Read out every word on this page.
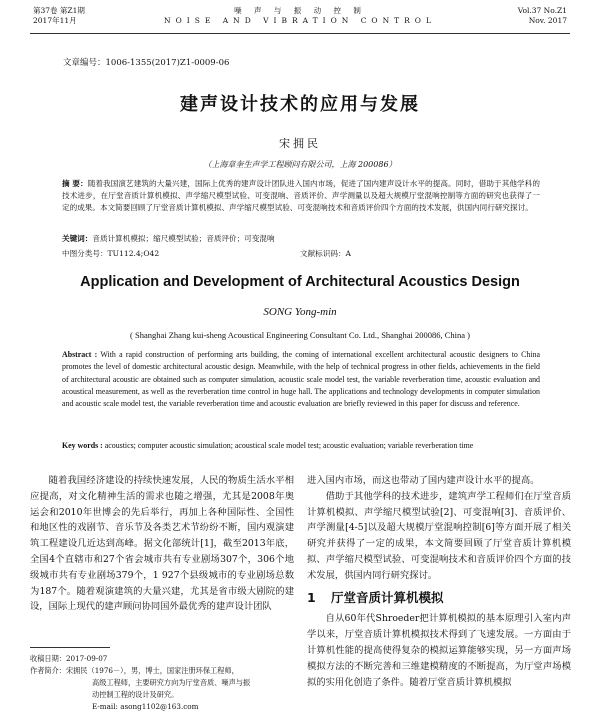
第37卷 第Z1期
2017年11月
噪 声 与 振 动 控 制
NOISE AND VIBRATION CONTROL
Vol.37 No.Z1
Nov. 2017
文章编号：1006-1355(2017)Z1-0009-06
建声设计技术的应用与发展
宋拥民
（上海章奎生声学工程顾问有限公司，上海 200086）
摘 要：随着我国演艺建筑的大量兴建，国际上优秀的建声设计团队进入国内市场，促进了国内建声设计水平的提高。同时，借助于其他学科的技术进步，在厅堂音质计算机模拟、声学缩尺模型试验、可变混响、音质评价、声学测量以及超大规模厅堂混响控制等方面的研究也获得了一定的成果。本文简要回顾了厅堂音质计算机模拟、声学缩尺模型试验、可变混响技术和音质评价四个方面的技术发展，供国内同行研究探讨。
关键词：音质计算机模拟；缩尺模型试验；音质评价；可变混响
中图分类号：TU112.4;O42	文献标识码：A
Application and Development of Architectural Acoustics Design
SONG Yong-min
( Shanghai Zhang kui-sheng Acoustical Engineering Consultant Co. Ltd., Shanghai 200086, China )
Abstract : With a rapid construction of performing arts building, the coming of international excellent architectural acoustic designers to China promotes the level of domestic architectural acoustic design. Meanwhile, with the help of technical progress in other fields, achievements in the field of architectural acoustic are obtained such as computer simulation, acoustic scale model test, the variable reverberation time, acoustic evaluation and acoustical measurement, as well as the reverberation time control in huge hall. The applications and technology developments in computer simulation and acoustic scale model test, the variable reverberation time and acoustic evaluation are briefly reviewed in this paper for discuss and reference.
Key words : acoustics; computer acoustic simulation; acoustical scale model test; acoustic evaluation; variable reverberation time

随着我国经济建设的持续快速发展，人民的物质生活水平相应提高，对文化精神生活的需求也随之增强，尤其是2008年奥运会和2010年世博会的先后举行，再加上各种国际性、全国性和地区性的戏剧节、音乐节及各类艺术节纷纷不断，国内观演建筑工程建设几近达到高峰。据文化部统计[1]，截至2013年底，全国4个直辖市和27个省会城市共有专业剧场307个，306个地级城市共有专业剧场379个，1 927个县级城市的专业剧场总数为187个。随着观演建筑的大量兴建，尤其是省市级大剧院的建设，国际上现代的建声顾问协同国外最优秀的建声设计团队

进入国内市场，而这也带动了国内建声设计水平的提高。

借助于其他学科的技术进步，建筑声学工程师们在厅堂音质计算机模拟、声学缩尺模型试验[2]、可变混响[3]、音质评价、声学测量[4-5]以及超大规模厅堂混响控制[6]等方面开展了相关研究并获得了一定的成果，本文简要回顾了厅堂音质计算机模拟、声学缩尺模型试验、可变混响技术和音质评价四个方面的技术发展，供国内同行研究探讨。

1 厅堂音质计算机模拟

自从60年代Shroeder把计算机模拟的基本原理引入室内声学以来，厅堂音质计算机模拟技术得到了飞速发展。一方面由于计算机性能的提高使得复杂的模拟运算能够实现，另一方面声场模拟方法的不断完善和三维建模精度的不断提高，为厅堂声场模拟的实用化创造了条件。随着厅堂音质计算机模拟

收稿日期：2017-09-07
作者简介：宋拥民（1976－），男，博士，国家注册环保工程师，
高级工程师，主要研究方向为厅堂音质、噪声与振
动控制工程的设计及研究。
E-mail: asong1102@163.com
